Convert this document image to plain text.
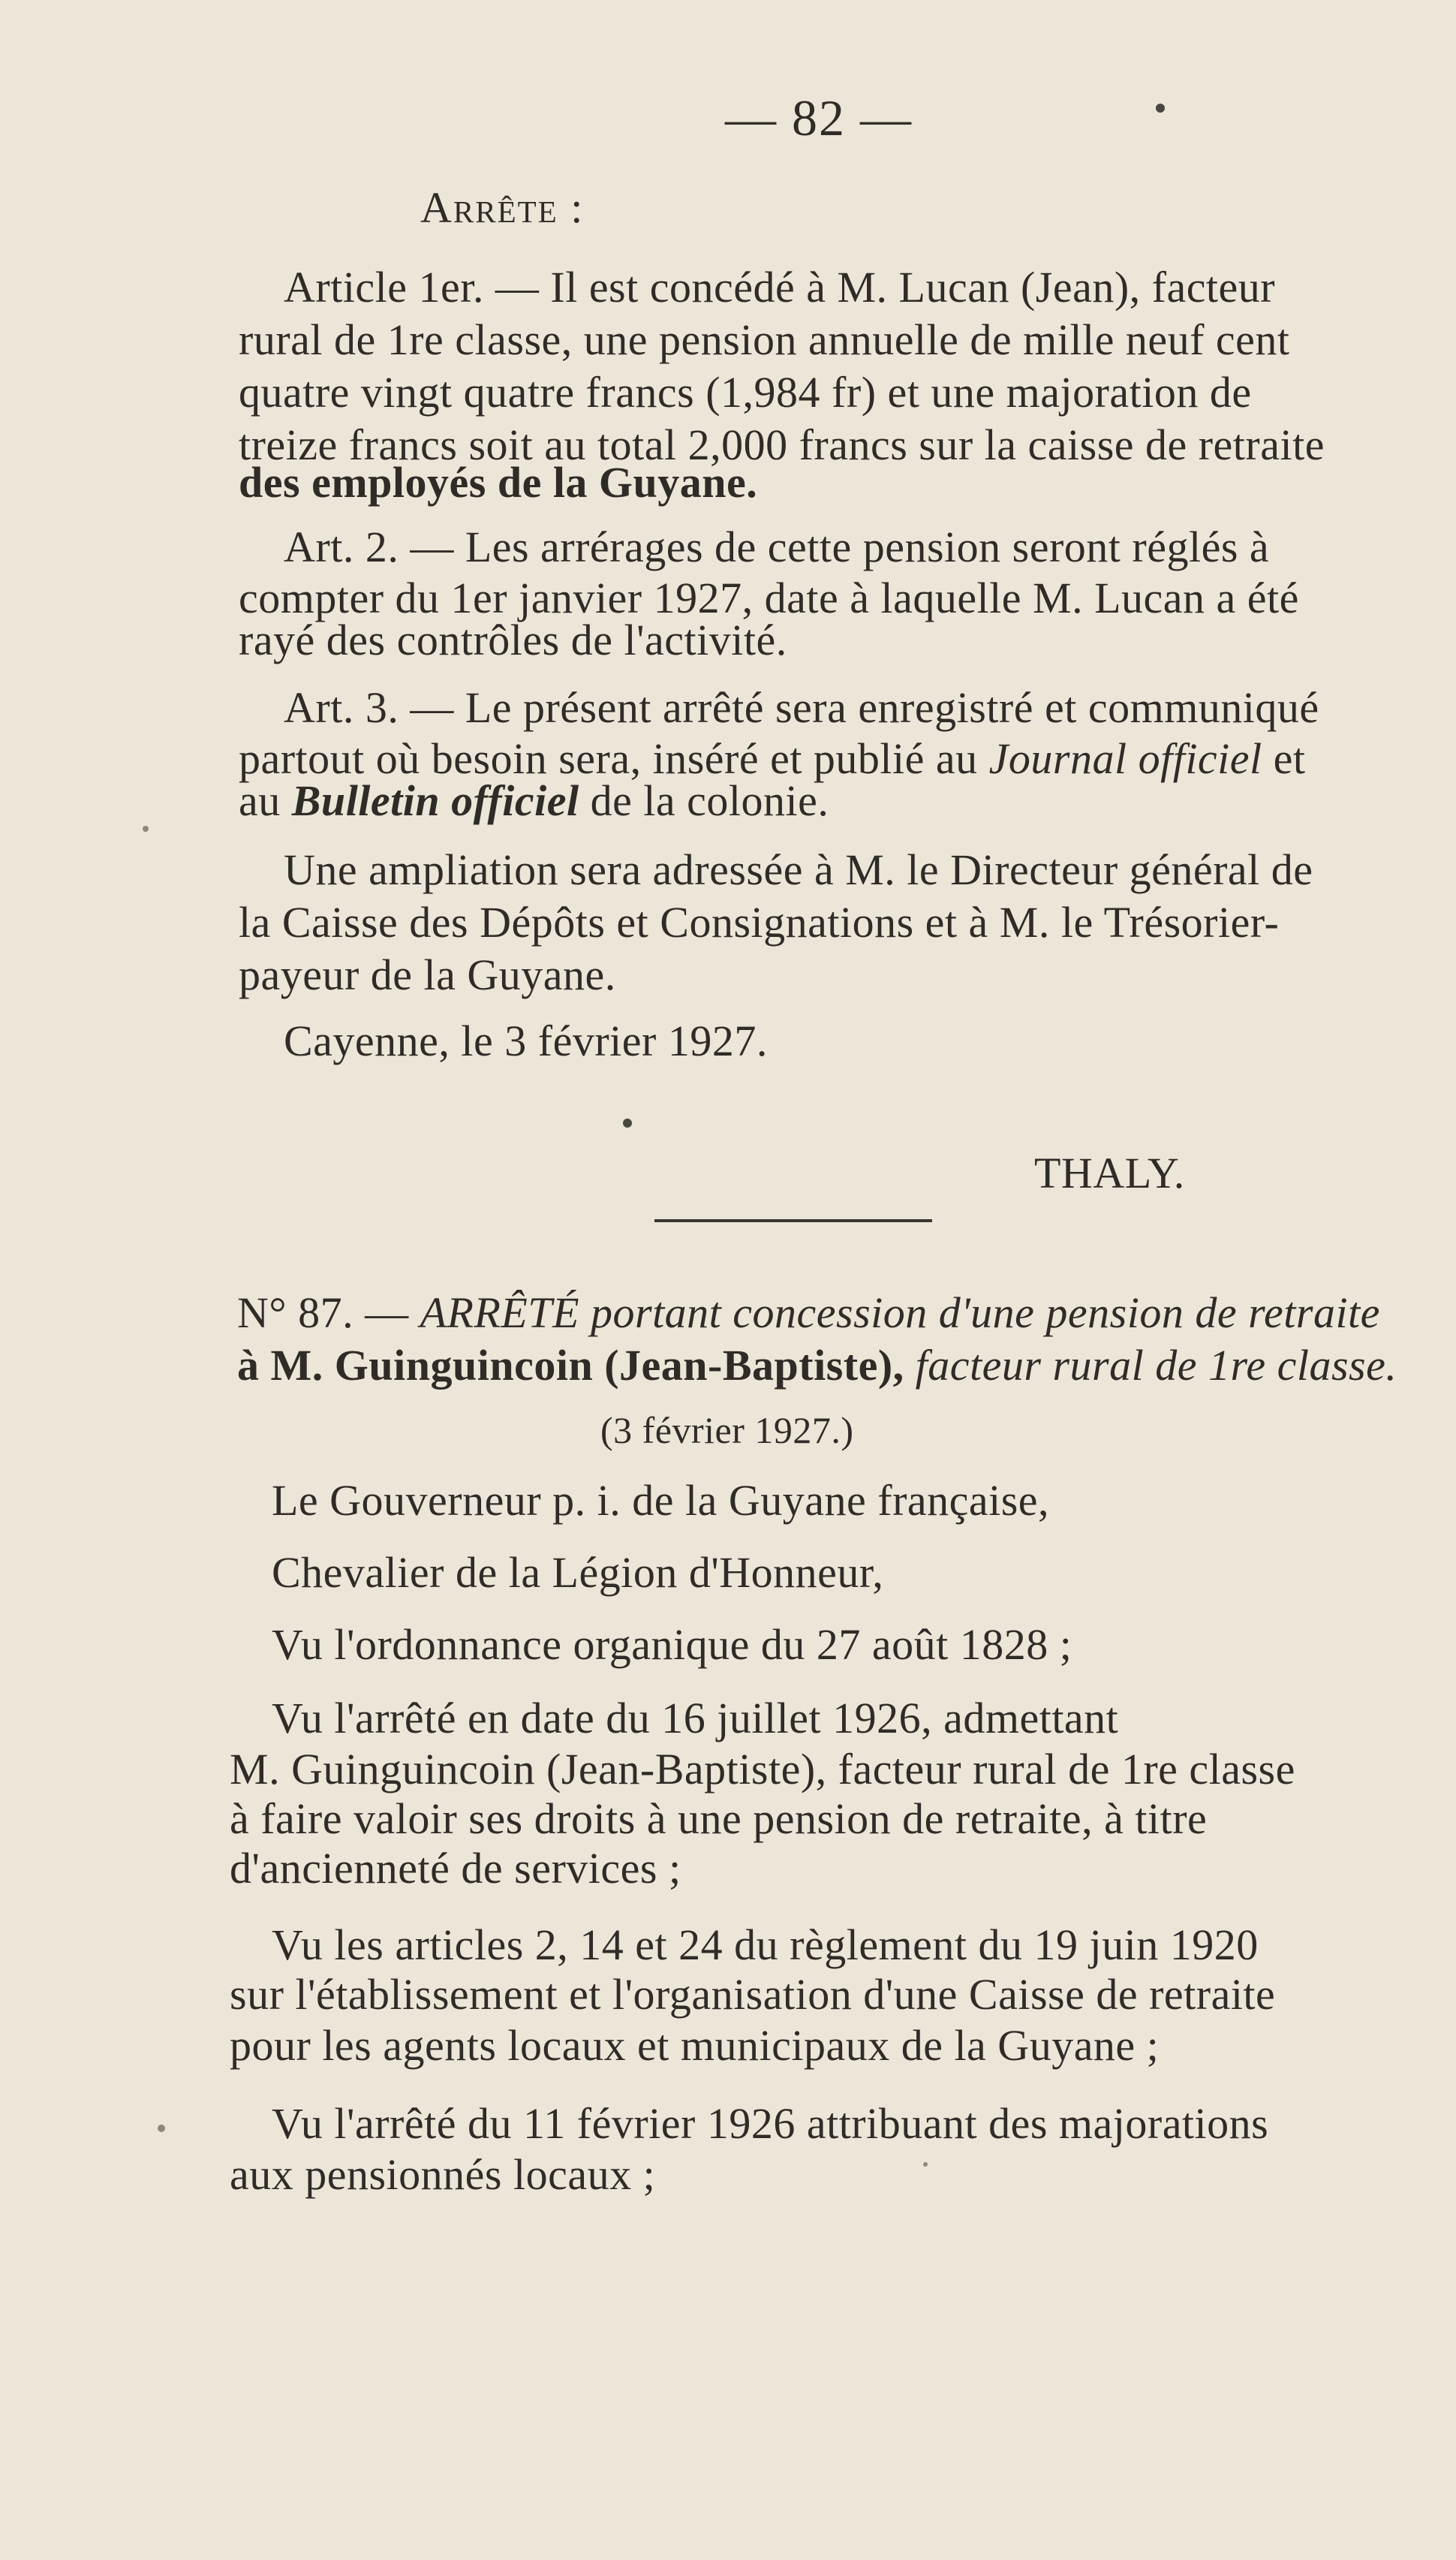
— 82 —
Arrête :
Article 1er. — Il est concédé à M. Lucan (Jean), facteur
rural de 1re classe, une pension annuelle de mille neuf cent
quatre vingt quatre francs (1,984 fr) et une majoration de
treize francs soit au total 2,000 francs sur la caisse de retraite
des employés de la Guyane.
Art. 2. — Les arrérages de cette pension seront réglés à
compter du 1er janvier 1927, date à laquelle M. Lucan a été
rayé des contrôles de l'activité.
Art. 3. — Le présent arrêté sera enregistré et communiqué
partout où besoin sera, inséré et publié au Journal officiel et
au Bulletin officiel de la colonie.
Une ampliation sera adressée à M. le Directeur général de
la Caisse des Dépôts et Consignations et à M. le Trésorier-
payeur de la Guyane.
Cayenne, le 3 février 1927.
THALY.
N° 87. — ARRÊTÉ portant concession d'une pension de retraite
à M. Guinguincoin (Jean-Baptiste), facteur rural de 1re classe.
(3 février 1927.)
Le Gouverneur p. i. de la Guyane française,
Chevalier de la Légion d'Honneur,
Vu l'ordonnance organique du 27 août 1828 ;
Vu l'arrêté en date du 16 juillet 1926, admettant
M. Guinguincoin (Jean-Baptiste), facteur rural de 1re classe
à faire valoir ses droits à une pension de retraite, à titre
d'ancienneté de services ;
Vu les articles 2, 14 et 24 du règlement du 19 juin 1920
sur l'établissement et l'organisation d'une Caisse de retraite
pour les agents locaux et municipaux de la Guyane ;
Vu l'arrêté du 11 février 1926 attribuant des majorations
aux pensionnés locaux ;
